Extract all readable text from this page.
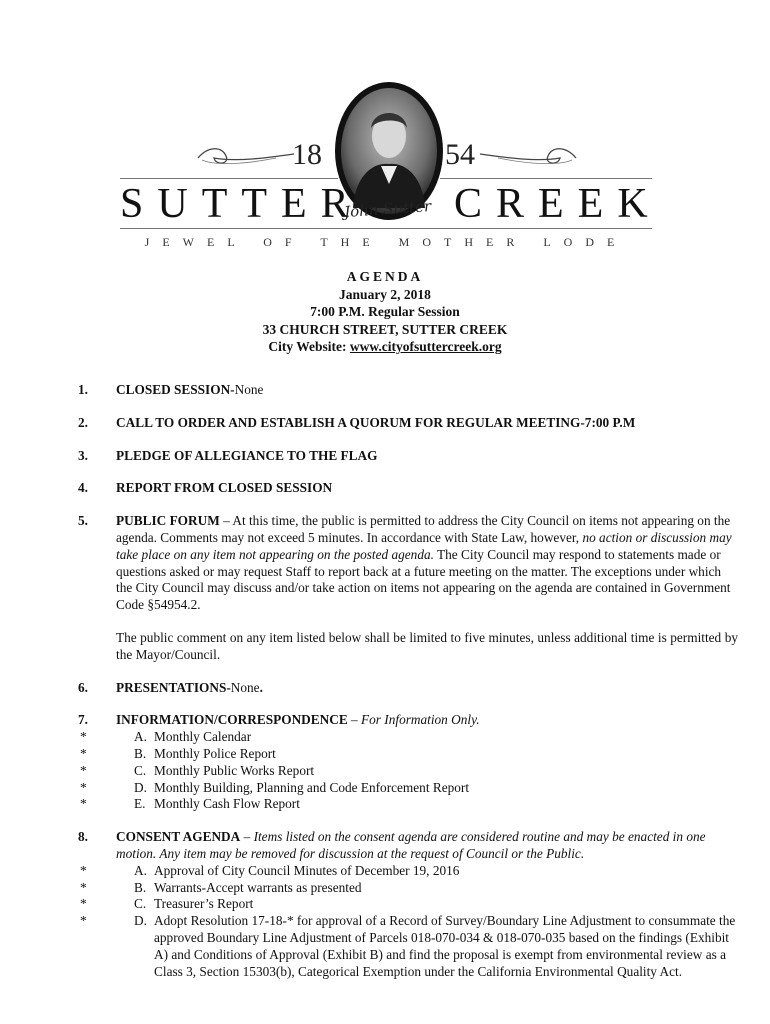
18	54
SUTTER
John Sutter CREEK
JEWEL OF THE MOTHER LODE
AGENDA
January 2, 2018
7:00 P.M. Regular Session
33 CHURCH STREET, SUTTER CREEK
City Website: www.cityofsuttercreek.org
1. CLOSED SESSION-None
2. CALL TO ORDER AND ESTABLISH A QUORUM FOR REGULAR MEETING-7:00 P.M
3. PLEDGE OF ALLEGIANCE TO THE FLAG
4. REPORT FROM CLOSED SESSION
5. PUBLIC FORUM – At this time, the public is permitted to address the City Council on items not appearing on the agenda. Comments may not exceed 5 minutes. In accordance with State Law, however, no action or discussion may take place on any item not appearing on the posted agenda. The City Council may respond to statements made or questions asked or may request Staff to report back at a future meeting on the matter. The exceptions under which the City Council may discuss and/or take action on items not appearing on the agenda are contained in Government Code §54954.2.

The public comment on any item listed below shall be limited to five minutes, unless additional time is permitted by the Mayor/Council.

6. PRESENTATIONS-None.
7. INFORMATION/CORRESPONDENCE – For Information Only.
*	A. Monthly Calendar
*	B. Monthly Police Report
*	C. Monthly Public Works Report
*	D. Monthly Building, Planning and Code Enforcement Report
*	E. Monthly Cash Flow Report
8. CONSENT AGENDA – Items listed on the consent agenda are considered routine and may be enacted in one motion. Any item may be removed for discussion at the request of Council or the Public.
*	A. Approval of City Council Minutes of December 19, 2016
*	B. Warrants-Accept warrants as presented
*	C. Treasurer’s Report
*	D. Adopt Resolution 17-18-* for approval of a Record of Survey/Boundary Line Adjustment to consummate the approved Boundary Line Adjustment of Parcels 018-070-034 & 018-070-035 based on the findings (Exhibit A) and Conditions of Approval (Exhibit B) and find the proposal is exempt from environmental review as a Class 3, Section 15303(b), Categorical Exemption under the California Environmental Quality Act.
